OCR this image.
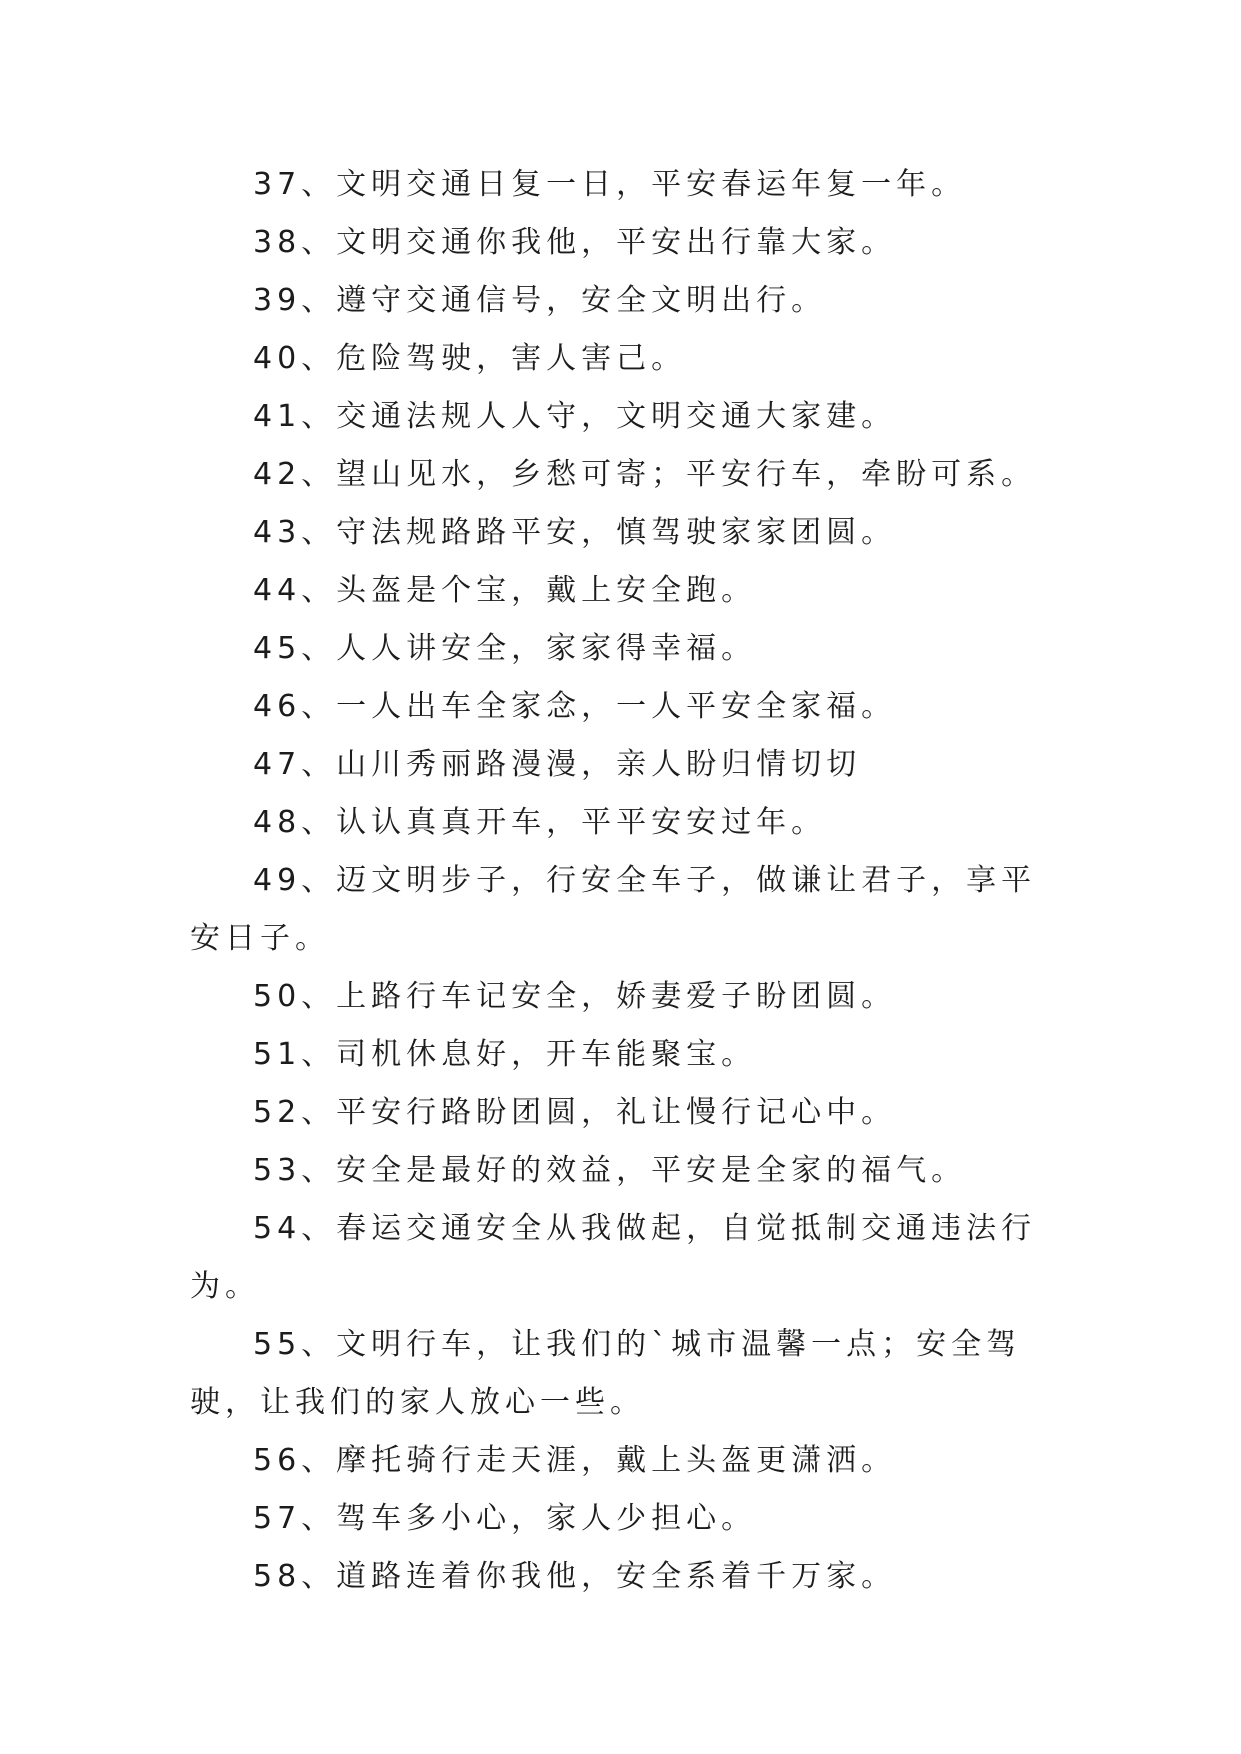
37、文明交通日复一日，平安春运年复一年。

38、文明交通你我他，平安出行靠大家。

39、遵守交通信号，安全文明出行。

40、危险驾驶，害人害己。

41、交通法规人人守，文明交通大家建。

42、望山见水，乡愁可寄；平安行车，牵盼可系。

43、守法规路路平安，慎驾驶家家团圆。

44、头盔是个宝，戴上安全跑。

45、人人讲安全，家家得幸福。

46、一人出车全家念，一人平安全家福。

47、山川秀丽路漫漫，亲人盼归情切切

48、认认真真开车，平平安安过年。

49、迈文明步子，行安全车子，做谦让君子，享平安日子。

50、上路行车记安全，娇妻爱子盼团圆。

51、司机休息好，开车能聚宝。

52、平安行路盼团圆，礼让慢行记心中。

53、安全是最好的效益，平安是全家的福气。

54、春运交通安全从我做起，自觉抵制交通违法行为。

55、文明行车，让我们的`城市温馨一点；安全驾驶，让我们的家人放心一些。

56、摩托骑行走天涯，戴上头盔更潇洒。

57、驾车多小心，家人少担心。

58、道路连着你我他，安全系着千万家。
